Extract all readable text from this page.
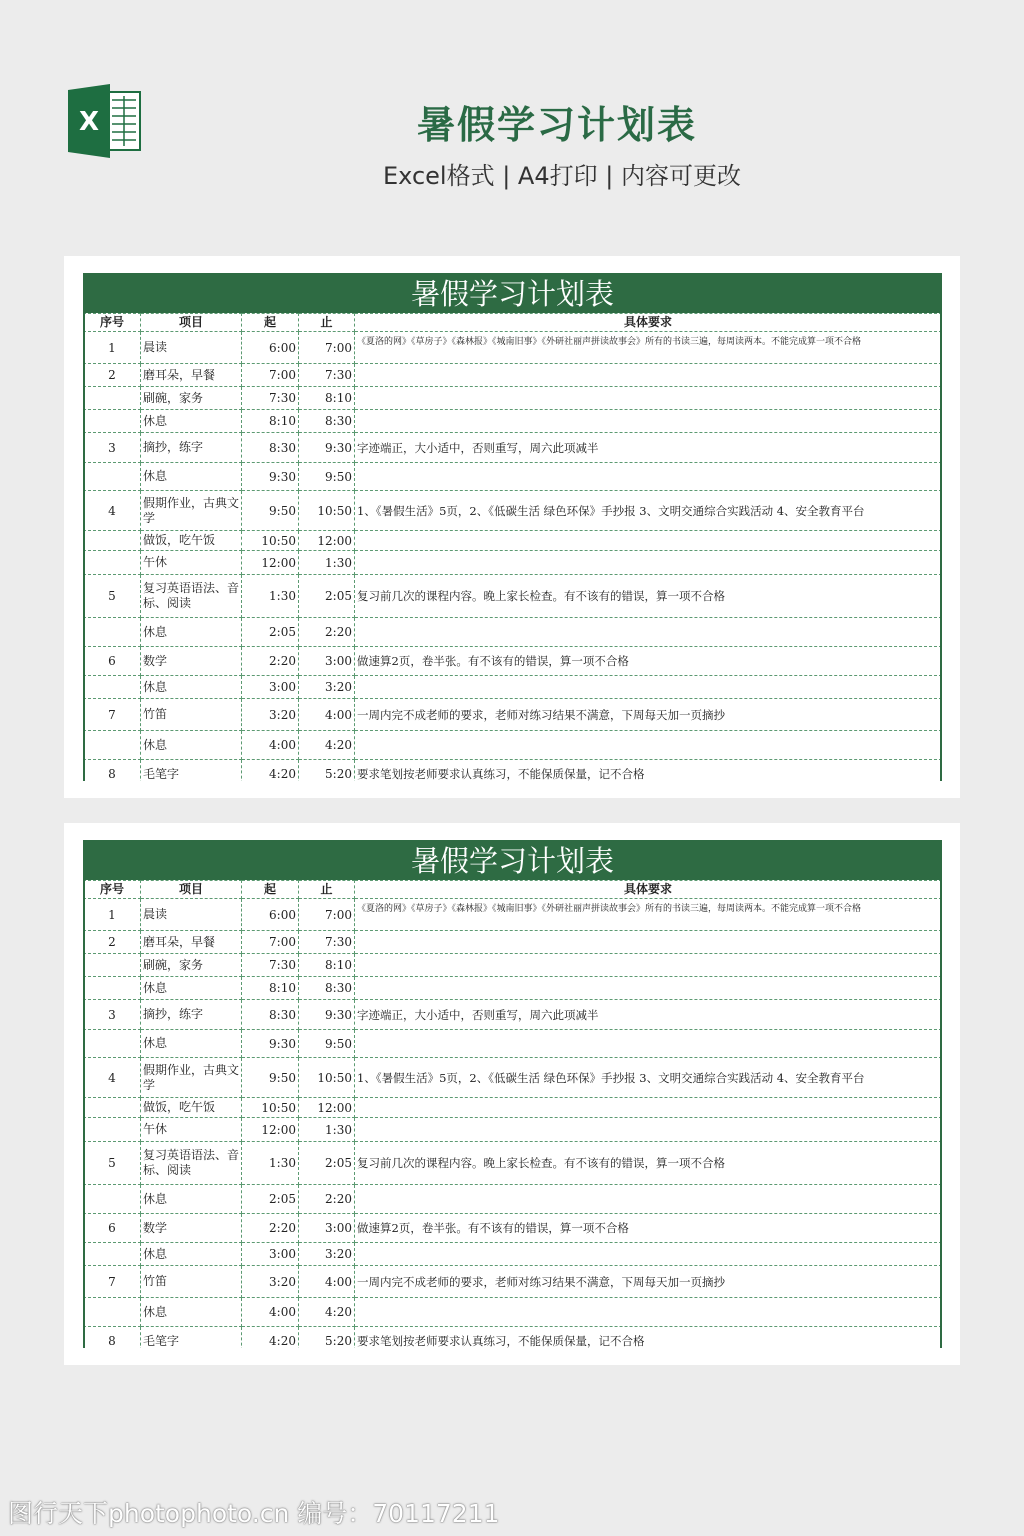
X	暑假学习计划表
Excel格式 | A4打印 | 内容可更改
暑假学习计划表
序号	项目	起	止	具体要求
1	晨读	6:00	7:00	《夏洛的网》《草房子》《森林报》《城南旧事》《外研社丽声拼读故事会》所有的书读三遍，每周读两本。不能完成算一项不合格
2	磨耳朵，早餐	7:00	7:30	
	刷碗，家务	7:30	8:10	
	休息	8:10	8:30	
3	摘抄，练字	8:30	9:30	字迹端正，大小适中，否则重写，周六此项减半
	休息	9:30	9:50	
4	假期作业，古典文学	9:50	10:50	1、《暑假生活》5页，2、《低碳生活 绿色环保》手抄报 3、文明交通综合实践活动 4、安全教育平台
	做饭，吃午饭	10:50	12:00	
	午休	12:00	1:30	
5	复习英语语法、音标、阅读	1:30	2:05	复习前几次的课程内容。晚上家长检查。有不该有的错误，算一项不合格
	休息	2:05	2:20	
6	数学	2:20	3:00	做速算2页，卷半张。有不该有的错误，算一项不合格
	休息	3:00	3:20	
7	竹笛	3:20	4:00	一周内完不成老师的要求，老师对练习结果不满意，下周每天加一页摘抄
	休息	4:00	4:20	
8	毛笔字	4:20	5:20	要求笔划按老师要求认真练习，不能保质保量，记不合格
暑假学习计划表
序号	项目	起	止	具体要求
1	晨读	6:00	7:00	《夏洛的网》《草房子》《森林报》《城南旧事》《外研社丽声拼读故事会》所有的书读三遍，每周读两本。不能完成算一项不合格
2	磨耳朵，早餐	7:00	7:30	
	刷碗，家务	7:30	8:10	
	休息	8:10	8:30	
3	摘抄，练字	8:30	9:30	字迹端正，大小适中，否则重写，周六此项减半
	休息	9:30	9:50	
4	假期作业，古典文学	9:50	10:50	1、《暑假生活》5页，2、《低碳生活 绿色环保》手抄报 3、文明交通综合实践活动 4、安全教育平台
	做饭，吃午饭	10:50	12:00	
	午休	12:00	1:30	
5	复习英语语法、音标、阅读	1:30	2:05	复习前几次的课程内容。晚上家长检查。有不该有的错误，算一项不合格
	休息	2:05	2:20	
6	数学	2:20	3:00	做速算2页，卷半张。有不该有的错误，算一项不合格
	休息	3:00	3:20	
7	竹笛	3:20	4:00	一周内完不成老师的要求，老师对练习结果不满意，下周每天加一页摘抄
	休息	4:00	4:20	
8	毛笔字	4:20	5:20	要求笔划按老师要求认真练习，不能保质保量，记不合格
图行天下photophoto.cn 编号：70117211
